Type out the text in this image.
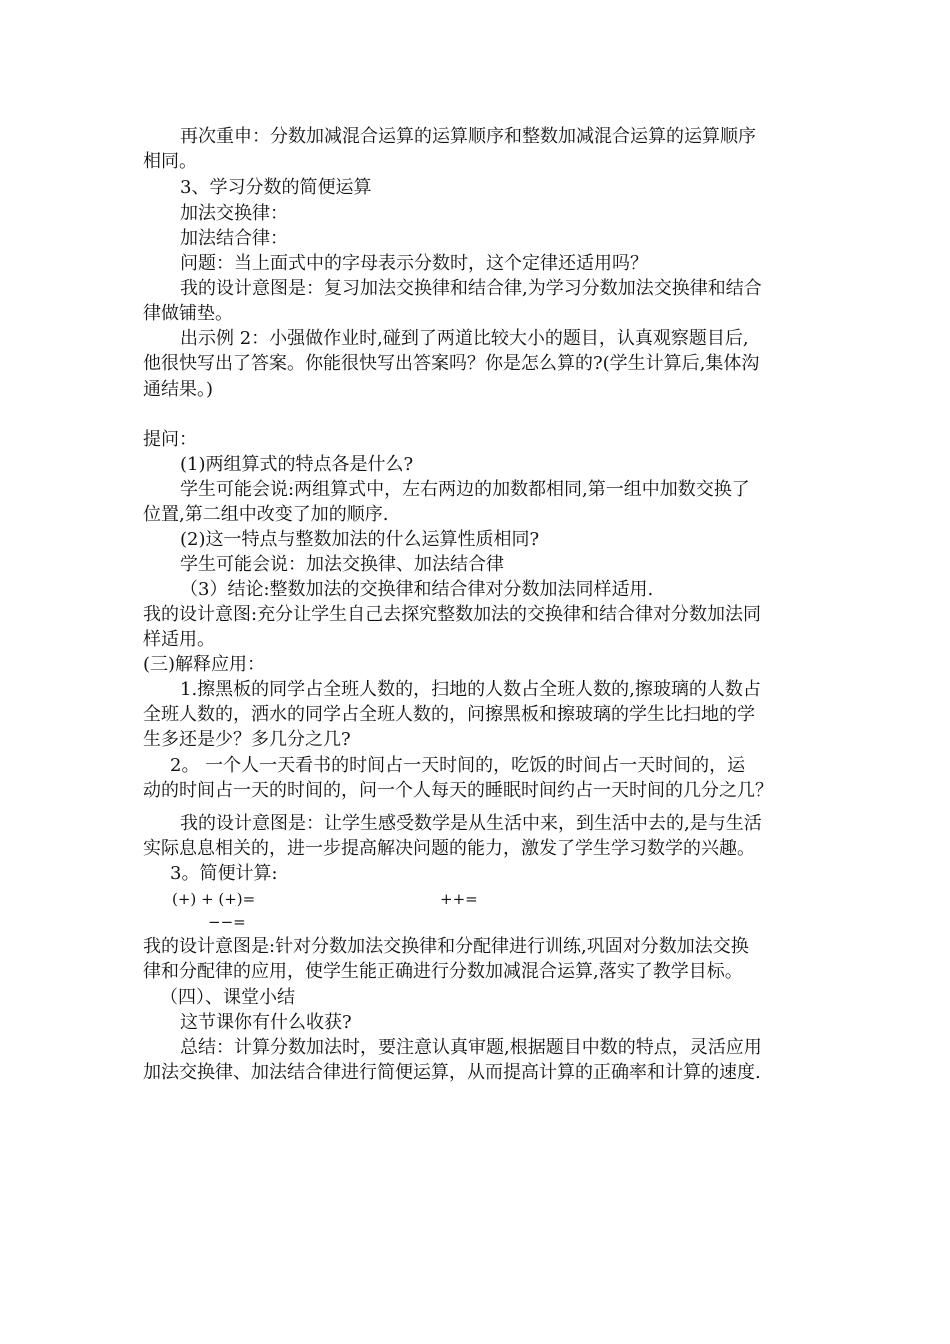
再次重申：分数加减混合运算的运算顺序和整数加减混合运算的运算顺序
相同。
3、学习分数的简便运算
加法交换律：
加法结合律：
问题：当上面式中的字母表示分数时，这个定律还适用吗？
我的设计意图是：复习加法交换律和结合律,为学习分数加法交换律和结合
律做铺垫。
出示例 2：小强做作业时,碰到了两道比较大小的题目，认真观察题目后,
他很快写出了答案。你能很快写出答案吗？你是怎么算的?(学生计算后,集体沟
通结果。)
提问：
(1)两组算式的特点各是什么?
学生可能会说:两组算式中，左右两边的加数都相同,第一组中加数交换了
位置,第二组中改变了加的顺序.
(2)这一特点与整数加法的什么运算性质相同?
学生可能会说：加法交换律、加法结合律
（3）结论:整数加法的交换律和结合律对分数加法同样适用.
我的设计意图:充分让学生自己去探究整数加法的交换律和结合律对分数加法同
样适用。
(三)解释应用：
1.擦黑板的同学占全班人数的，扫地的人数占全班人数的,擦玻璃的人数占
全班人数的，洒水的同学占全班人数的，问擦黑板和擦玻璃的学生比扫地的学
生多还是少？多几分之几?
2。 一个人一天看书的时间占一天时间的，吃饭的时间占一天时间的，运
动的时间占一天的时间的，问一个人每天的睡眠时间约占一天时间的几分之几？
我的设计意图是：让学生感受数学是从生活中来，到生活中去的,是与生活
实际息息相关的，进一步提高解决问题的能力，激发了学生学习数学的兴趣。
3。简便计算:
(+) + (+)=	++=
−−=
我的设计意图是:针对分数加法交换律和分配律进行训练,巩固对分数加法交换
律和分配律的应用，使学生能正确进行分数加减混合运算,落实了教学目标。
（四）、课堂小结
这节课你有什么收获?
总结：计算分数加法时，要注意认真审题,根据题目中数的特点，灵活应用
加法交换律、加法结合律进行简便运算，从而提高计算的正确率和计算的速度.
